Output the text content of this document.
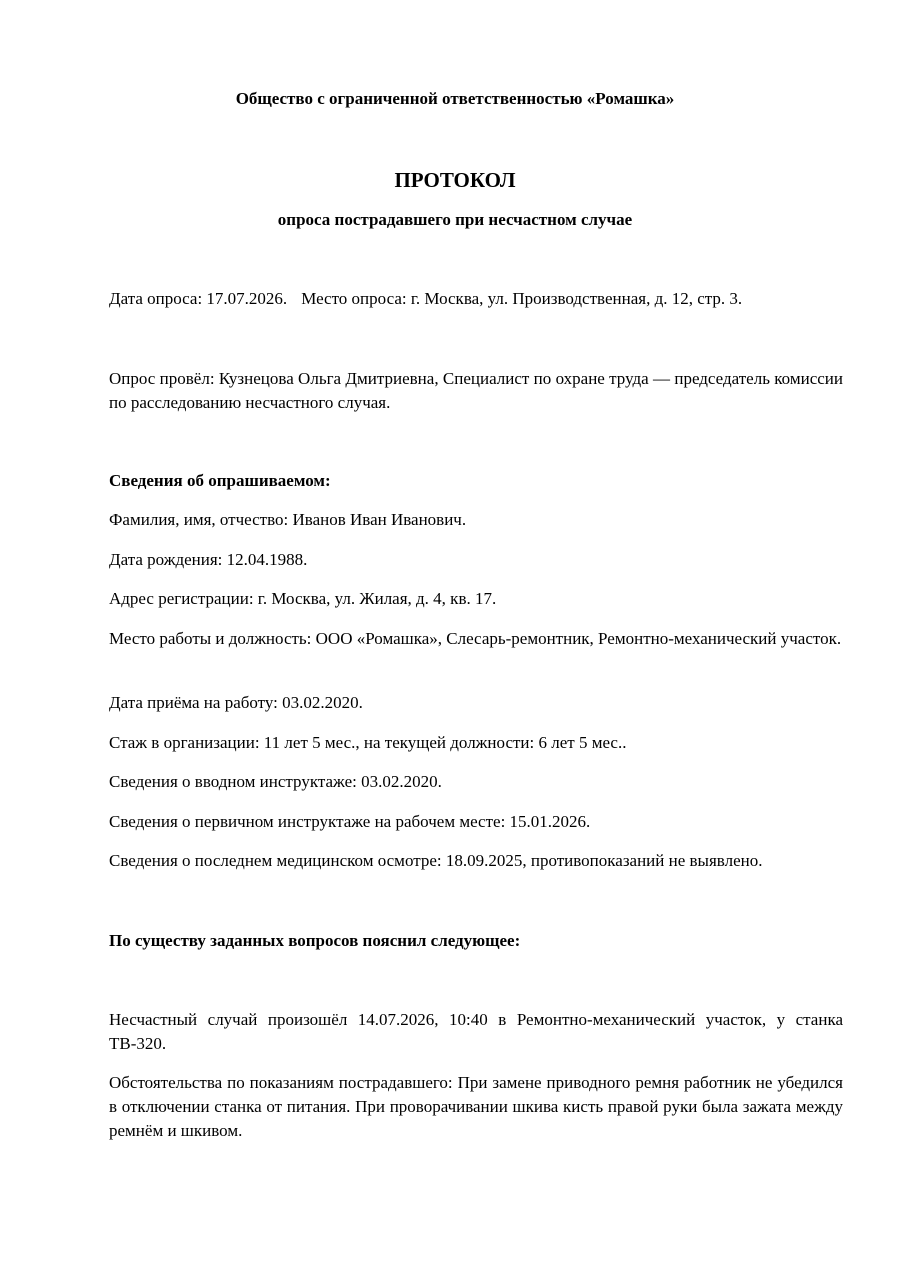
Общество с ограниченной ответственностью «Ромашка»
ПРОТОКОЛ
опроса пострадавшего при несчастном случае

Дата опроса: 17.07.2026. Место опроса: г. Москва, ул. Производственная, д. 12, стр. 3.

Опрос провёл: Кузнецова Ольга Дмитриевна, Специалист по охране труда — председатель комиссии по расследованию несчастного случая.

Сведения об опрашиваемом:

Фамилия, имя, отчество: Иванов Иван Иванович.

Дата рождения: 12.04.1988.

Адрес регистрации: г. Москва, ул. Жилая, д. 4, кв. 17.

Место работы и должность: ООО «Ромашка», Слесарь-ремонтник, Ремонтно-механический участок.

Дата приёма на работу: 03.02.2020.

Стаж в организации: 11 лет 5 мес., на текущей должности: 6 лет 5 мес..

Сведения о вводном инструктаже: 03.02.2020.

Сведения о первичном инструктаже на рабочем месте: 15.01.2026.

Сведения о последнем медицинском осмотре: 18.09.2025, противопоказаний не выявлено.

По существу заданных вопросов пояснил следующее:

Несчастный случай произошёл 14.07.2026, 10:40 в Ремонтно-механический участок, у станка ТВ-320.

Обстоятельства по показаниям пострадавшего: При замене приводного ремня работник не убедился в отключении станка от питания. При проворачивании шкива кисть правой руки была зажата между ремнём и шкивом.
